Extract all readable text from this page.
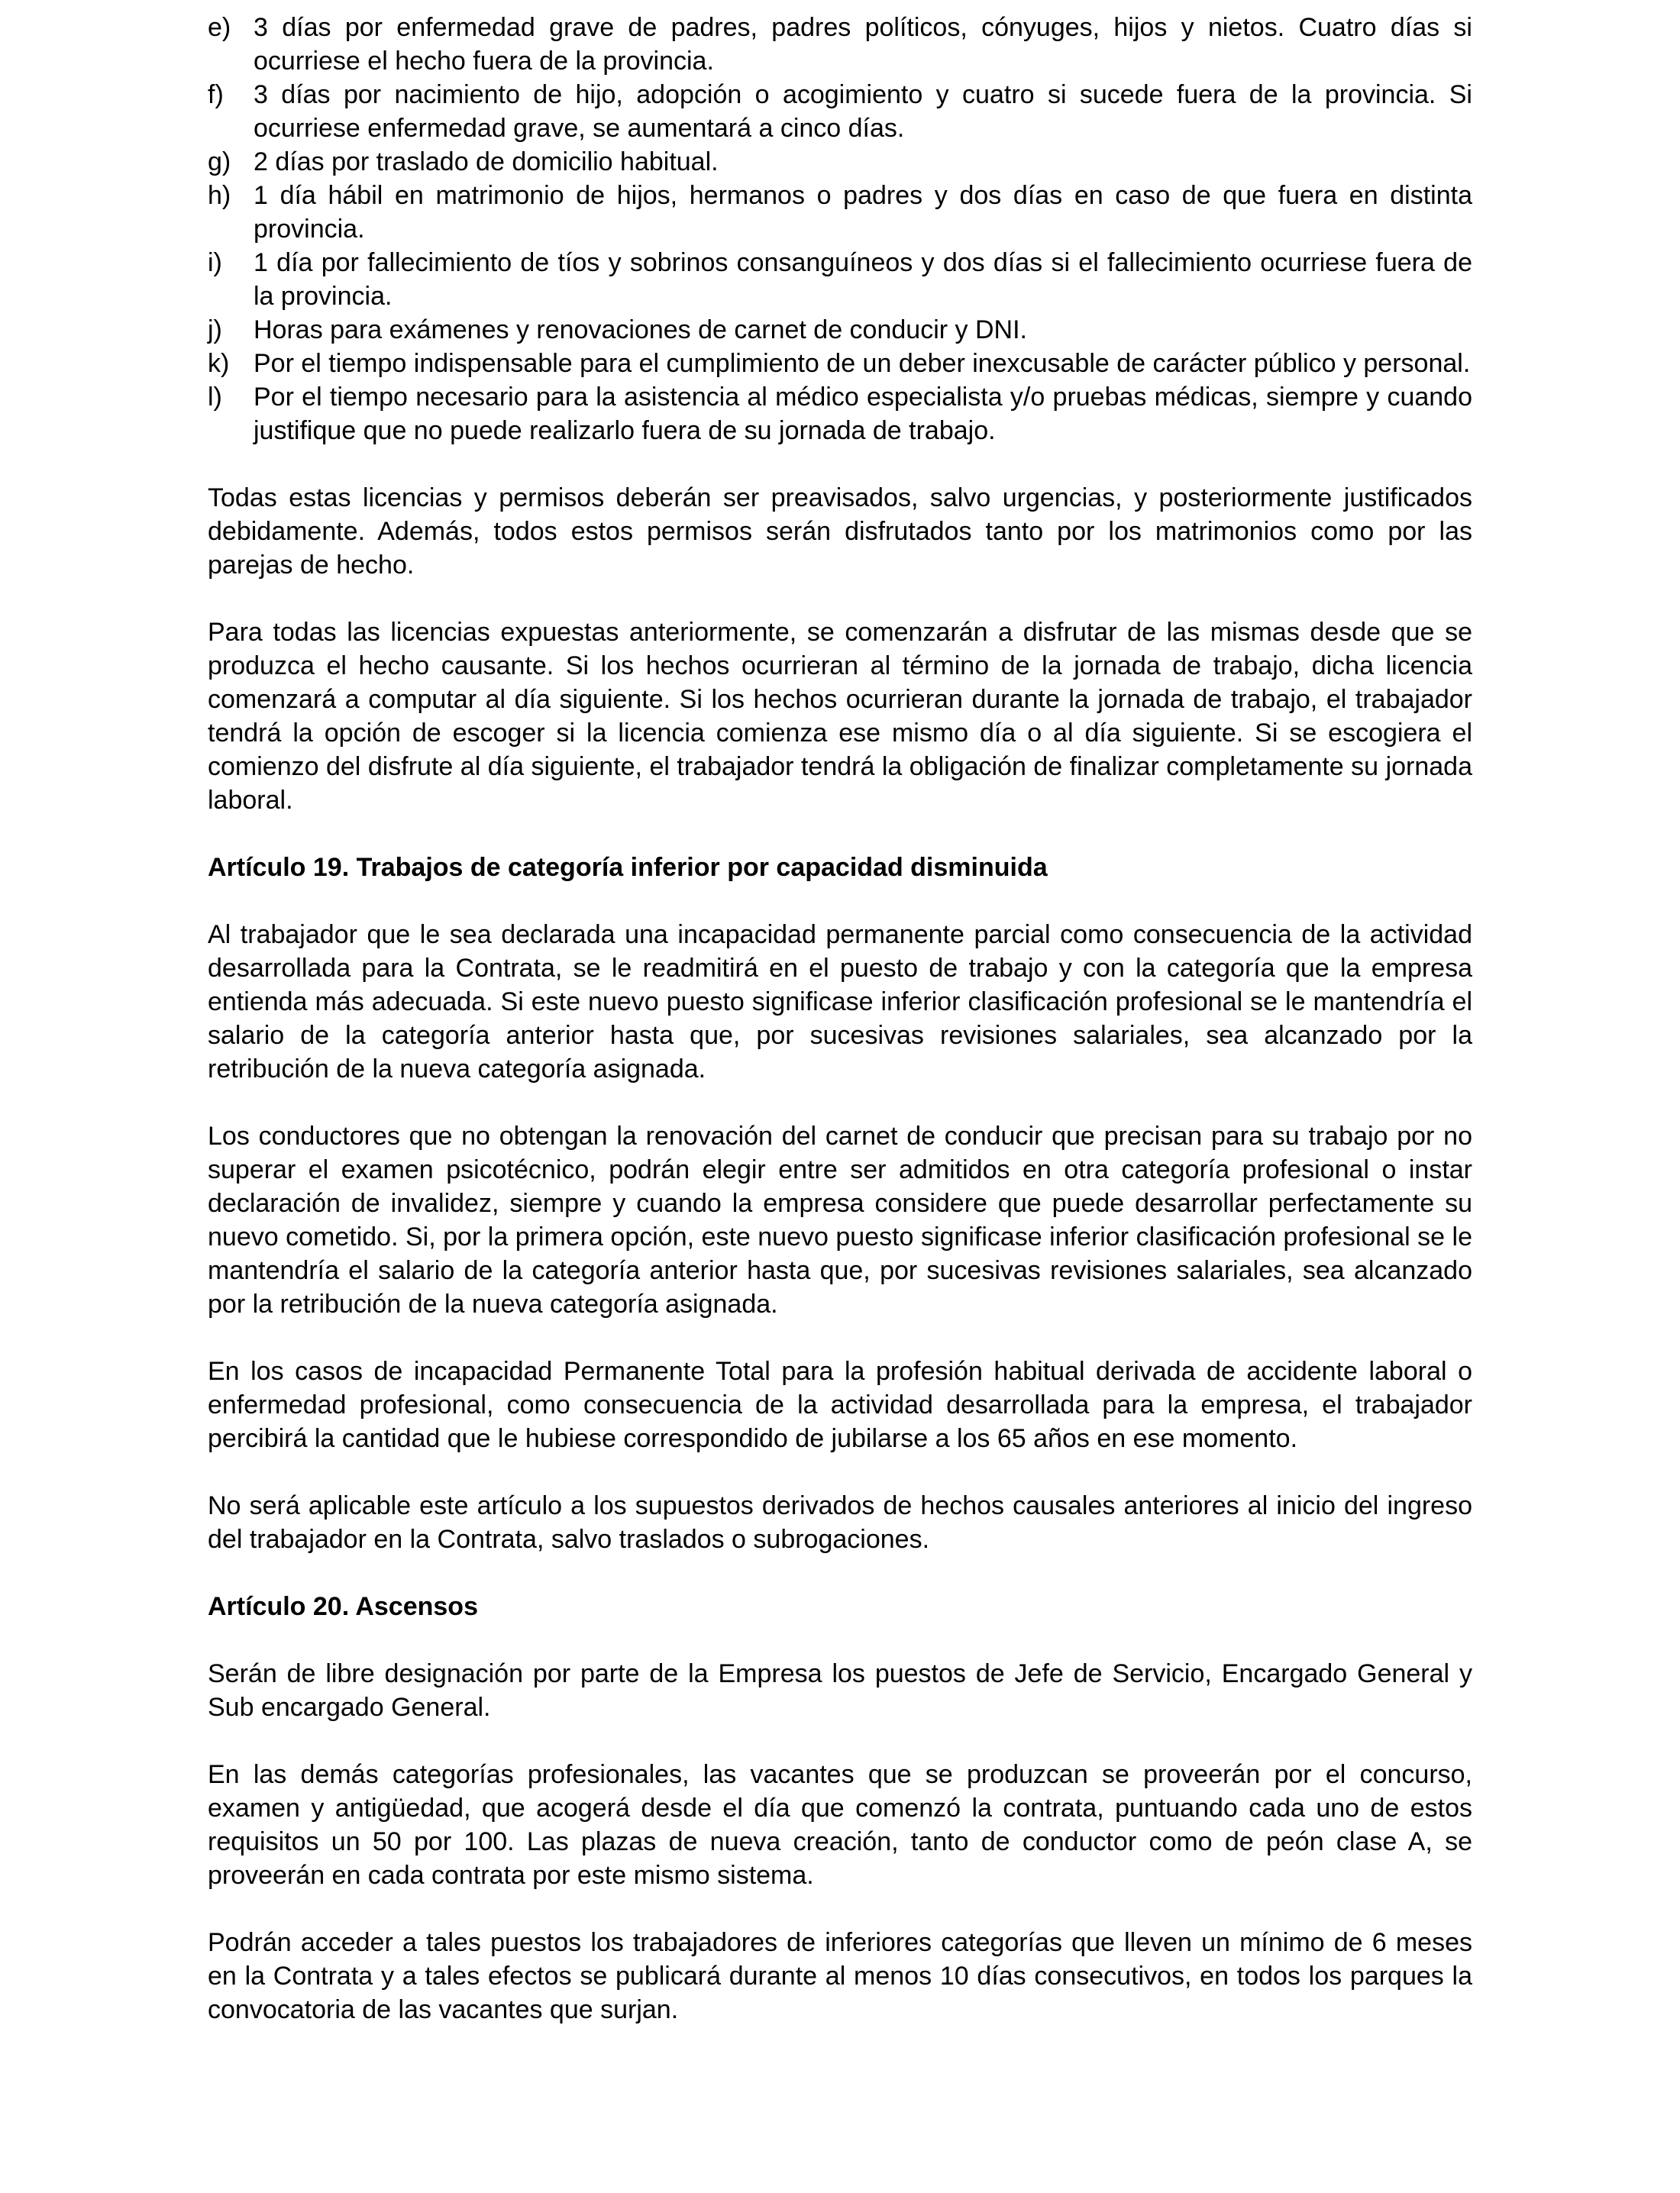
e) 3 días por enfermedad grave de padres, padres políticos, cónyuges, hijos y nietos. Cuatro días si ocurriese el hecho fuera de la provincia.
f)	3 días por nacimiento de hijo, adopción o acogimiento y cuatro si sucede fuera de la provincia. Si ocurriese enfermedad grave, se aumentará a cinco días.
g) 2 días por traslado de domicilio habitual.
h) 1 día hábil en matrimonio de hijos, hermanos o padres y dos días en caso de que fuera en distinta provincia.
i)	1 día por fallecimiento de tíos y sobrinos consanguíneos y dos días si el fallecimiento ocurriese fuera de la provincia.
j)	Horas para exámenes y renovaciones de carnet de conducir y DNI.
k) Por el tiempo indispensable para el cumplimiento de un deber inexcusable de carácter público y personal.
l)	Por el tiempo necesario para la asistencia al médico especialista y/o pruebas médicas, siempre y cuando justifique que no puede realizarlo fuera de su jornada de trabajo.

Todas estas licencias y permisos deberán ser preavisados, salvo urgencias, y posteriormente justificados debidamente. Además, todos estos permisos serán disfrutados tanto por los matrimonios como por las parejas de hecho.

Para todas las licencias expuestas anteriormente, se comenzarán a disfrutar de las mismas desde que se produzca el hecho causante. Si los hechos ocurrieran al término de la jornada de trabajo, dicha licencia comenzará a computar al día siguiente. Si los hechos ocurrieran durante la jornada de trabajo, el trabajador tendrá la opción de escoger si la licencia comienza ese mismo día o al día siguiente. Si se escogiera el comienzo del disfrute al día siguiente, el trabajador tendrá la obligación de finalizar completamente su jornada laboral.

Artículo 19. Trabajos de categoría inferior por capacidad disminuida

Al trabajador que le sea declarada una incapacidad permanente parcial como consecuencia de la actividad desarrollada para la Contrata, se le readmitirá en el puesto de trabajo y con la categoría que la empresa entienda más adecuada. Si este nuevo puesto significase inferior clasificación profesional se le mantendría el salario de la categoría anterior hasta que, por sucesivas revisiones salariales, sea alcanzado por la retribución de la nueva categoría asignada.

Los conductores que no obtengan la renovación del carnet de conducir que precisan para su trabajo por no superar el examen psicotécnico, podrán elegir entre ser admitidos en otra categoría profesional o instar declaración de invalidez, siempre y cuando la empresa considere que puede desarrollar perfectamente su nuevo cometido. Si, por la primera opción, este nuevo puesto significase inferior clasificación profesional se le mantendría el salario de la categoría anterior hasta que, por sucesivas revisiones salariales, sea alcanzado por la retribución de la nueva categoría asignada.

En los casos de incapacidad Permanente Total para la profesión habitual derivada de accidente laboral o enfermedad profesional, como consecuencia de la actividad desarrollada para la empresa, el trabajador percibirá la cantidad que le hubiese correspondido de jubilarse a los 65 años en ese momento.

No será aplicable este artículo a los supuestos derivados de hechos causales anteriores al inicio del ingreso del trabajador en la Contrata, salvo traslados o subrogaciones.

Artículo 20. Ascensos

Serán de libre designación por parte de la Empresa los puestos de Jefe de Servicio, Encargado General y Sub encargado General.

En las demás categorías profesionales, las vacantes que se produzcan se proveerán por el concurso, examen y antigüedad, que acogerá desde el día que comenzó la contrata, puntuando cada uno de estos requisitos un 50 por 100. Las plazas de nueva creación, tanto de conductor como de peón clase A, se proveerán en cada contrata por este mismo sistema.

Podrán acceder a tales puestos los trabajadores de inferiores categorías que lleven un mínimo de 6 meses en la Contrata y a tales efectos se publicará durante al menos 10 días consecutivos, en todos los parques la convocatoria de las vacantes que surjan.
